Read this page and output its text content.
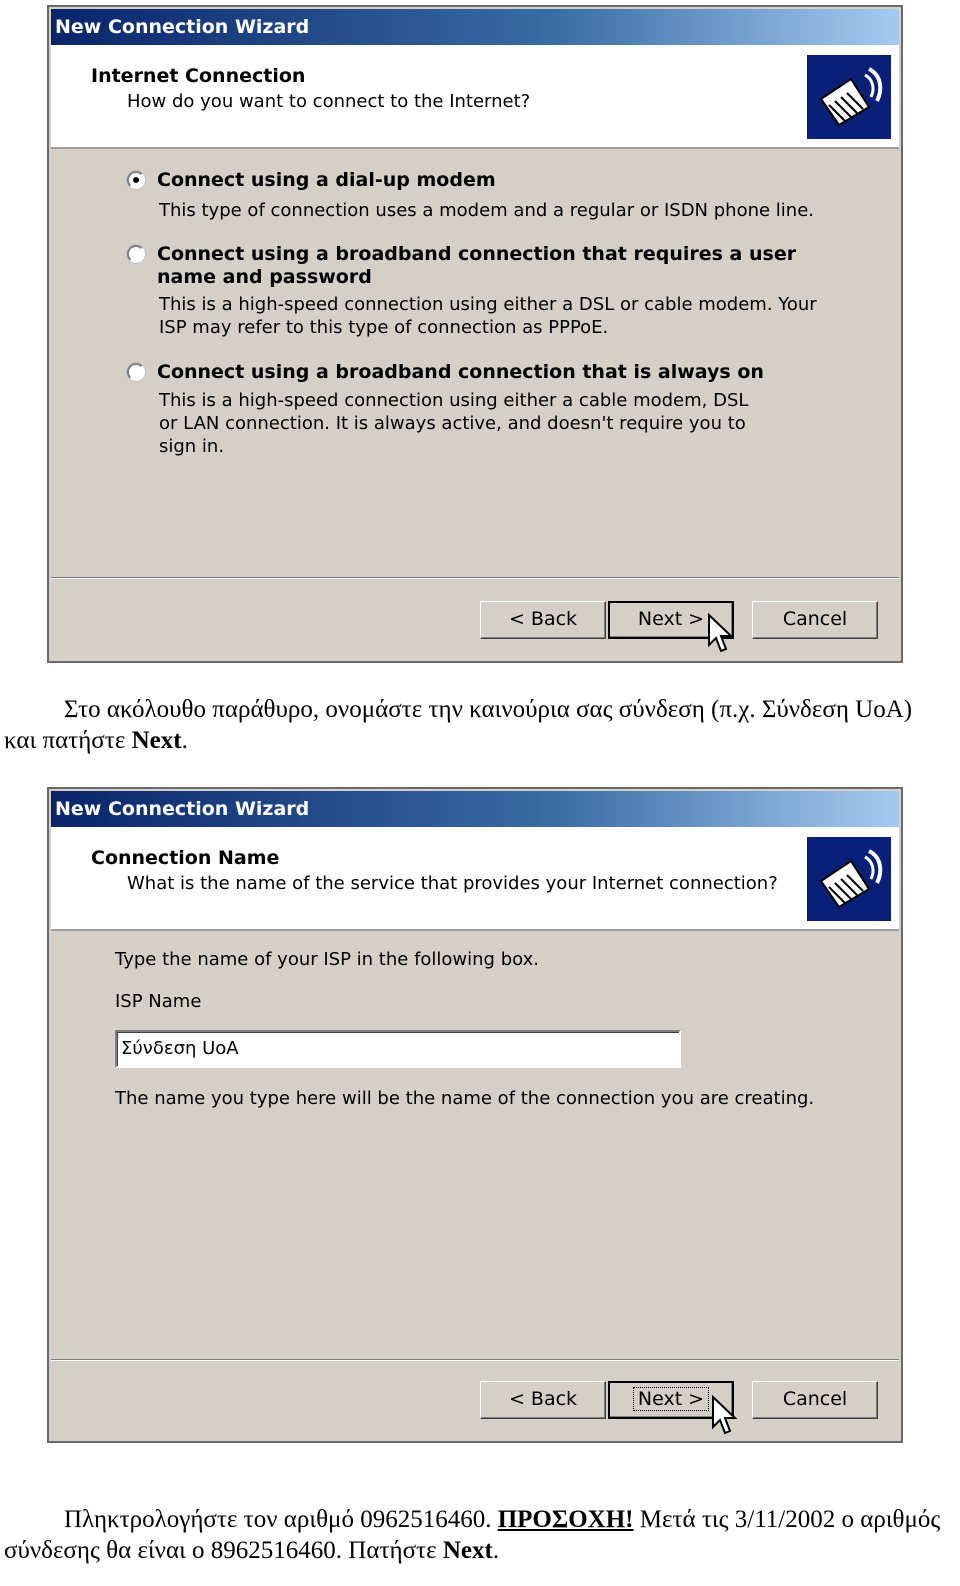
New Connection Wizard
Internet Connection
How do you want to connect to the Internet?
Connect using a dial-up modem
This type of connection uses a modem and a regular or ISDN phone line.
Connect using a broadband connection that requires a user name and password
This is a high-speed connection using either a DSL or cable modem. Your ISP may refer to this type of connection as PPPoE.
Connect using a broadband connection that is always on
This is a high-speed connection using either a cable modem, DSL or LAN connection. It is always active, and doesn't require you to sign in.
< Back	Next >	Cancel
Στο ακόλουθο παράθυρο, ονομάστε την καινούρια σας σύνδεση (π.χ. Σύνδεση UoA) και πατήστε Next.
New Connection Wizard
Connection Name
What is the name of the service that provides your Internet connection?
Type the name of your ISP in the following box.
ISP Name
Σύνδεση UoA
The name you type here will be the name of the connection you are creating.
< Back	Next >	Cancel
Πληκτρολογήστε τον αριθμό 0962516460. ΠΡΟΣΟΧΗ! Μετά τις 3/11/2002 ο αριθμός σύνδεσης θα είναι ο 8962516460. Πατήστε Next.
